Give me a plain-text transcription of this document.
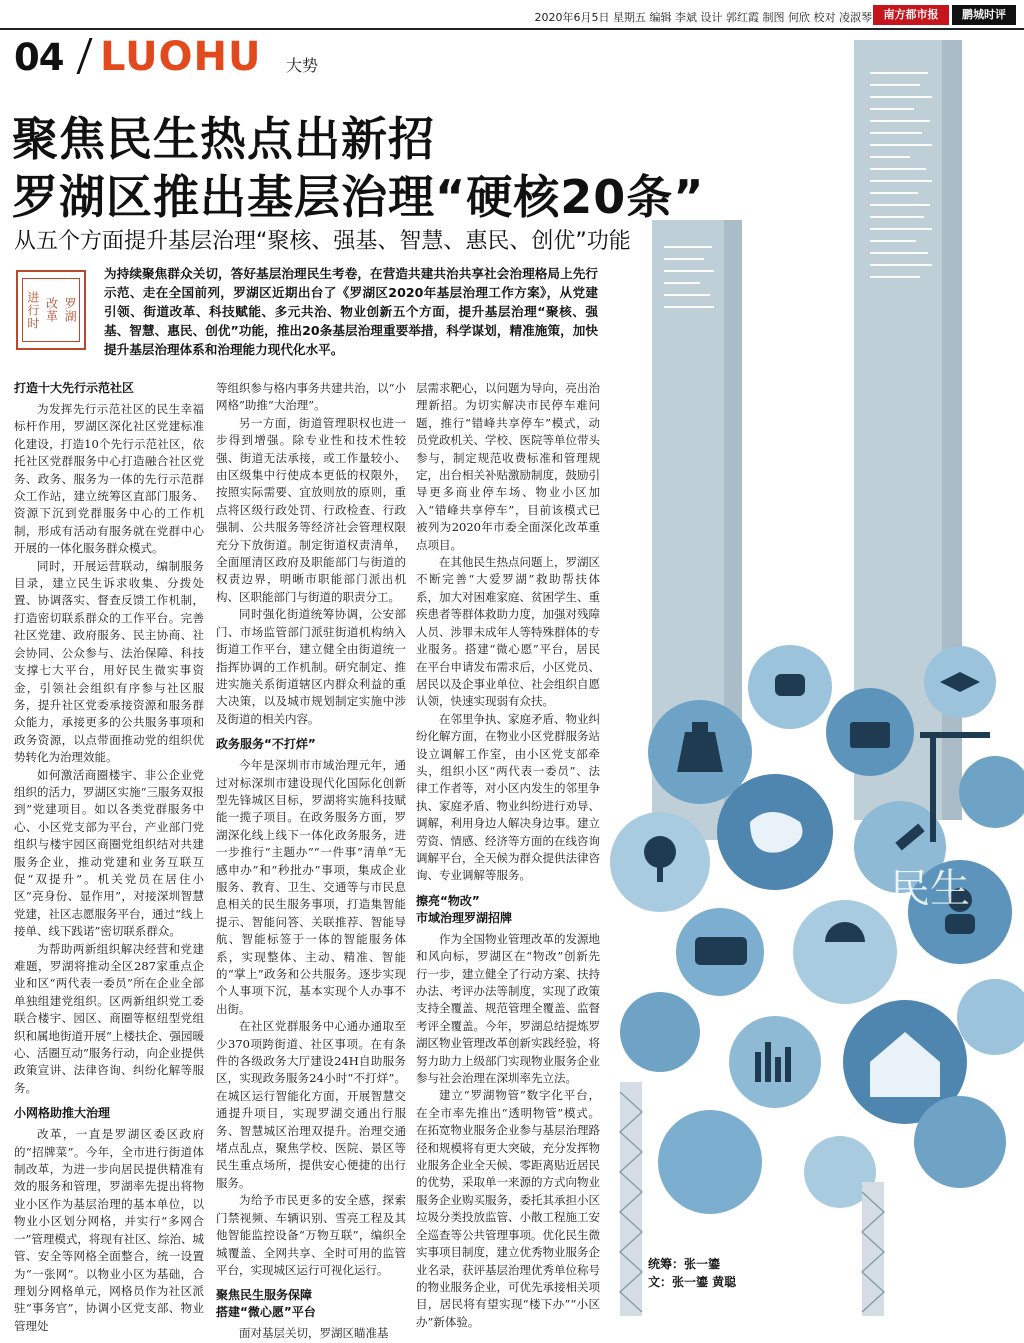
2020年6月5日 星期五 编辑 李斌 设计 郭红霞 制图 何欣 校对 凌淑琴	南方都市报	鹏城时评
04 LUOHU 大势
民生
聚焦民生热点出新招
罗湖区推出基层治理“硬核20条”
从五个方面提升基层治理“聚核、强基、智慧、惠民、创优”功能
罗湖
改革
进行时
为持续聚焦群众关切，答好基层治理民生考卷，在营造共建共治共享社会治理格局上先行示范、走在全国前列，罗湖区近期出台了《罗湖区2020年基层治理工作方案》，从党建引领、街道改革、科技赋能、多元共治、物业创新五个方面，提升基层治理“聚核、强基、智慧、惠民、创优”功能，推出20条基层治理重要举措，科学谋划，精准施策，加快提升基层治理体系和治理能力现代化水平。
打造十大先行示范社区

为发挥先行示范社区的民生幸福标杆作用，罗湖区深化社区党建标准化建设，打造10个先行示范社区，依托社区党群服务中心打造融合社区党务、政务、服务为一体的先行示范群众工作站，建立统筹区直部门服务、资源下沉到党群服务中心的工作机制，形成有活动有服务就在党群中心开展的一体化服务群众模式。

同时，开展运营联动，编制服务目录，建立民生诉求收集、分拨处置、协调落实、督查反馈工作机制，打造密切联系群众的工作平台。完善社区党建、政府服务、民主协商、社会协同、公众参与、法治保障、科技支撑七大平台，用好民生微实事资金，引领社会组织有序参与社区服务，提升社区党委承接资源和服务群众能力，承接更多的公共服务事项和政务资源，以点带面推动党的组织优势转化为治理效能。

如何激活商圈楼宇、非公企业党组织的活力，罗湖区实施“三服务双报到”党建项目。如以各类党群服务中心、小区党支部为平台，产业部门党组织与楼宇园区商圈党组织结对共建服务企业，推动党建和业务互联互促“双提升”。机关党员在居住小区“亮身份、显作用”，对接深圳智慧党建，社区志愿服务平台，通过“线上接单、线下践诺”密切联系群众。

为帮助两新组织解决经营和党建难题，罗湖将推动全区287家重点企业和区“两代表一委员”所在企业全部单独组建党组织。区两新组织党工委联合楼宇、园区、商圈等枢纽型党组织和属地街道开展“上楼扶企、强园暖心、活圈互动”服务行动，向企业提供政策宣讲、法律咨询、纠纷化解等服务。

小网格助推大治理

改革，一直是罗湖区委区政府的“招牌菜”。今年，全市进行街道体制改革，为进一步向居民提供精准有效的服务和管理，罗湖率先提出将物业小区作为基层治理的基本单位，以物业小区划分网格，并实行“多网合一”管理模式，将现有社区、综治、城管、安全等网格全面整合，统一设置为“一张网”。以物业小区为基础，合理划分网格单元，网格员作为社区派驻“事务官”，协调小区党支部、物业管理处

等组织参与格内事务共建共治，以“小网格”助推“大治理”。

另一方面，街道管理职权也进一步得到增强。除专业性和技术性较强、街道无法承接，或工作量较小、由区级集中行使成本更低的权限外，按照实际需要、宜放则放的原则，重点将区级行政处罚、行政检查、行政强制、公共服务等经济社会管理权限充分下放街道。制定街道权责清单，全面厘清区政府及职能部门与街道的权责边界，明晰市职能部门派出机构、区职能部门与街道的职责分工。

同时强化街道统筹协调，公安部门、市场监管部门派驻街道机构纳入街道工作平台，建立健全由街道统一指挥协调的工作机制。研究制定、推进实施关系街道辖区内群众利益的重大决策，以及城市规划制定实施中涉及街道的相关内容。

政务服务“不打烊”

今年是深圳市市域治理元年，通过对标深圳市建设现代化国际化创新型先锋城区目标，罗湖将实施科技赋能一揽子项目。在政务服务方面，罗湖深化线上线下一体化政务服务，进一步推行“主题办”“一件事”清单“无感申办”和“秒批办”事项，集成企业服务、教育、卫生、交通等与市民息息相关的民生服务事项，打造集智能提示、智能问答、关联推荐、智能导航、智能标签于一体的智能服务体系，实现整体、主动、精准、智能的“掌上”政务和公共服务。逐步实现个人事项下沉，基本实现个人办事不出街。

在社区党群服务中心通办通取至少370项跨街道、社区事项。在有条件的各级政务大厅建设24H自助服务区，实现政务服务24小时“不打烊”。在城区运行智能化方面，开展智慧交通提升项目，实现罗湖交通出行服务、智慧城区治理双提升。治理交通堵点乱点，聚焦学校、医院、景区等民生重点场所，提供安心便捷的出行服务。

为给予市民更多的安全感，探索门禁视频、车辆识别、雪亮工程及其他智能监控设备“万物互联”，编织全城覆盖、全网共享、全时可用的监管平台，实现城区运行可视化运行。

聚焦民生服务保障
搭建“微心愿”平台

面对基层关切，罗湖区瞄准基

层需求靶心，以问题为导向，亮出治理新招。为切实解决市民停车难问题，推行“错峰共享停车”模式，动员党政机关、学校、医院等单位带头参与，制定规范收费标准和管理规定，出台相关补贴激励制度，鼓励引导更多商业停车场、物业小区加入“错峰共享停车”，目前该模式已被列为2020年市委全面深化改革重点项目。

在其他民生热点问题上，罗湖区不断完善“大爱罗湖”救助帮扶体系，加大对困难家庭、贫困学生、重疾患者等群体救助力度，加强对残障人员、涉罪未成年人等特殊群体的专业服务。搭建“微心愿”平台，居民在平台申请发布需求后，小区党员、居民以及企事业单位、社会组织自愿认领，快速实现弱有众扶。

在邻里争执、家庭矛盾、物业纠纷化解方面，在物业小区党群服务站设立调解工作室，由小区党支部牵头，组织小区“两代表一委员”、法律工作者等，对小区内发生的邻里争执、家庭矛盾、物业纠纷进行劝导、调解，利用身边人解决身边事。建立劳资、情感、经济等方面的在线咨询调解平台，全天候为群众提供法律咨询、专业调解等服务。

擦亮“物改”
市域治理罗湖招牌

作为全国物业管理改革的发源地和风向标，罗湖区在“物改”创新先行一步，建立健全了行动方案、扶持办法、考评办法等制度，实现了政策支持全覆盖、规范管理全覆盖、监督考评全覆盖。今年，罗湖总结提炼罗湖区物业管理改革创新实践经验，将努力助力上级部门实现物业服务企业参与社会治理在深圳率先立法。

建立“罗湖物管”数字化平台，在全市率先推出“透明物管”模式。在拓宽物业服务企业参与基层治理路径和规模将有更大突破，充分发挥物业服务企业全天候、零距离贴近居民的优势，采取单一来源的方式向物业服务企业购买服务，委托其承担小区垃圾分类投放监管、小散工程施工安全巡查等公共管理事项。优化民生微实事项目制度，建立优秀物业服务企业名录，获评基层治理优秀单位称号的物业服务企业，可优先承接相关项目，居民将有望实现“楼下办”“小区办”新体验。

统筹：张一鎏
文：张一鎏 黄聪
